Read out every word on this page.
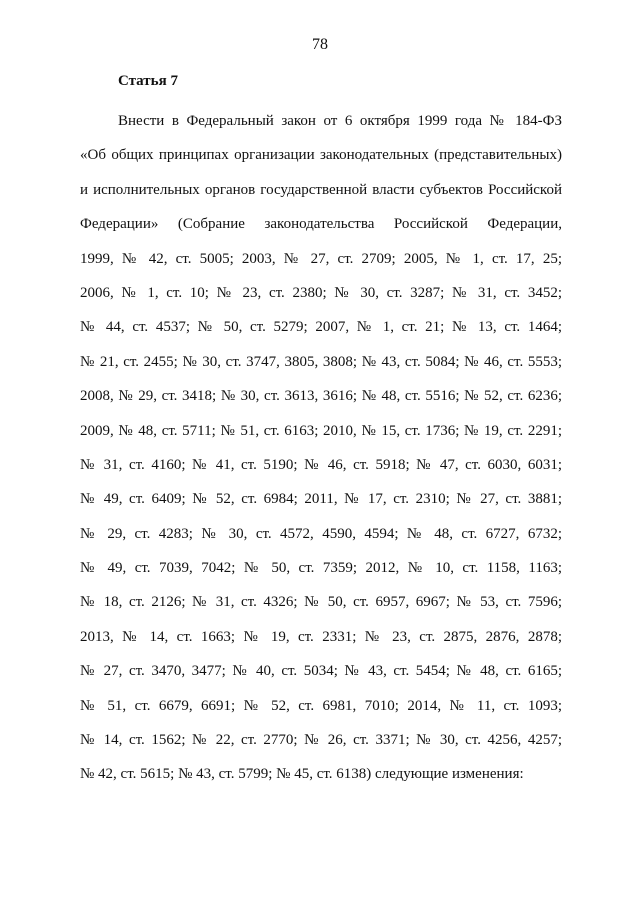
78
Статья 7
Внести в Федеральный закон от 6 октября 1999 года № 184-ФЗ
«Об общих принципах организации законодательных (представительных)
и исполнительных органов государственной власти субъектов Российской
Федерации» (Собрание законодательства Российской Федерации,
1999, № 42, ст. 5005; 2003, № 27, ст. 2709; 2005, № 1, ст. 17, 25;
2006, № 1, ст. 10; № 23, ст. 2380; № 30, ст. 3287; № 31, ст. 3452;
№ 44, ст. 4537; № 50, ст. 5279; 2007, № 1, ст. 21; № 13, ст. 1464;
№ 21, ст. 2455; № 30, ст. 3747, 3805, 3808; № 43, ст. 5084; № 46, ст. 5553;
2008, № 29, ст. 3418; № 30, ст. 3613, 3616; № 48, ст. 5516; № 52, ст. 6236;
2009, № 48, ст. 5711; № 51, ст. 6163; 2010, № 15, ст. 1736; № 19, ст. 2291;
№ 31, ст. 4160; № 41, ст. 5190; № 46, ст. 5918; № 47, ст. 6030, 6031;
№ 49, ст. 6409; № 52, ст. 6984; 2011, № 17, ст. 2310; № 27, ст. 3881;
№ 29, ст. 4283; № 30, ст. 4572, 4590, 4594; № 48, ст. 6727, 6732;
№ 49, ст. 7039, 7042; № 50, ст. 7359; 2012, № 10, ст. 1158, 1163;
№ 18, ст. 2126; № 31, ст. 4326; № 50, ст. 6957, 6967; № 53, ст. 7596;
2013, № 14, ст. 1663; № 19, ст. 2331; № 23, ст. 2875, 2876, 2878;
№ 27, ст. 3470, 3477; № 40, ст. 5034; № 43, ст. 5454; № 48, ст. 6165;
№ 51, ст. 6679, 6691; № 52, ст. 6981, 7010; 2014, № 11, ст. 1093;
№ 14, ст. 1562; № 22, ст. 2770; № 26, ст. 3371; № 30, ст. 4256, 4257;
№ 42, ст. 5615; № 43, ст. 5799; № 45, ст. 6138) следующие изменения:
